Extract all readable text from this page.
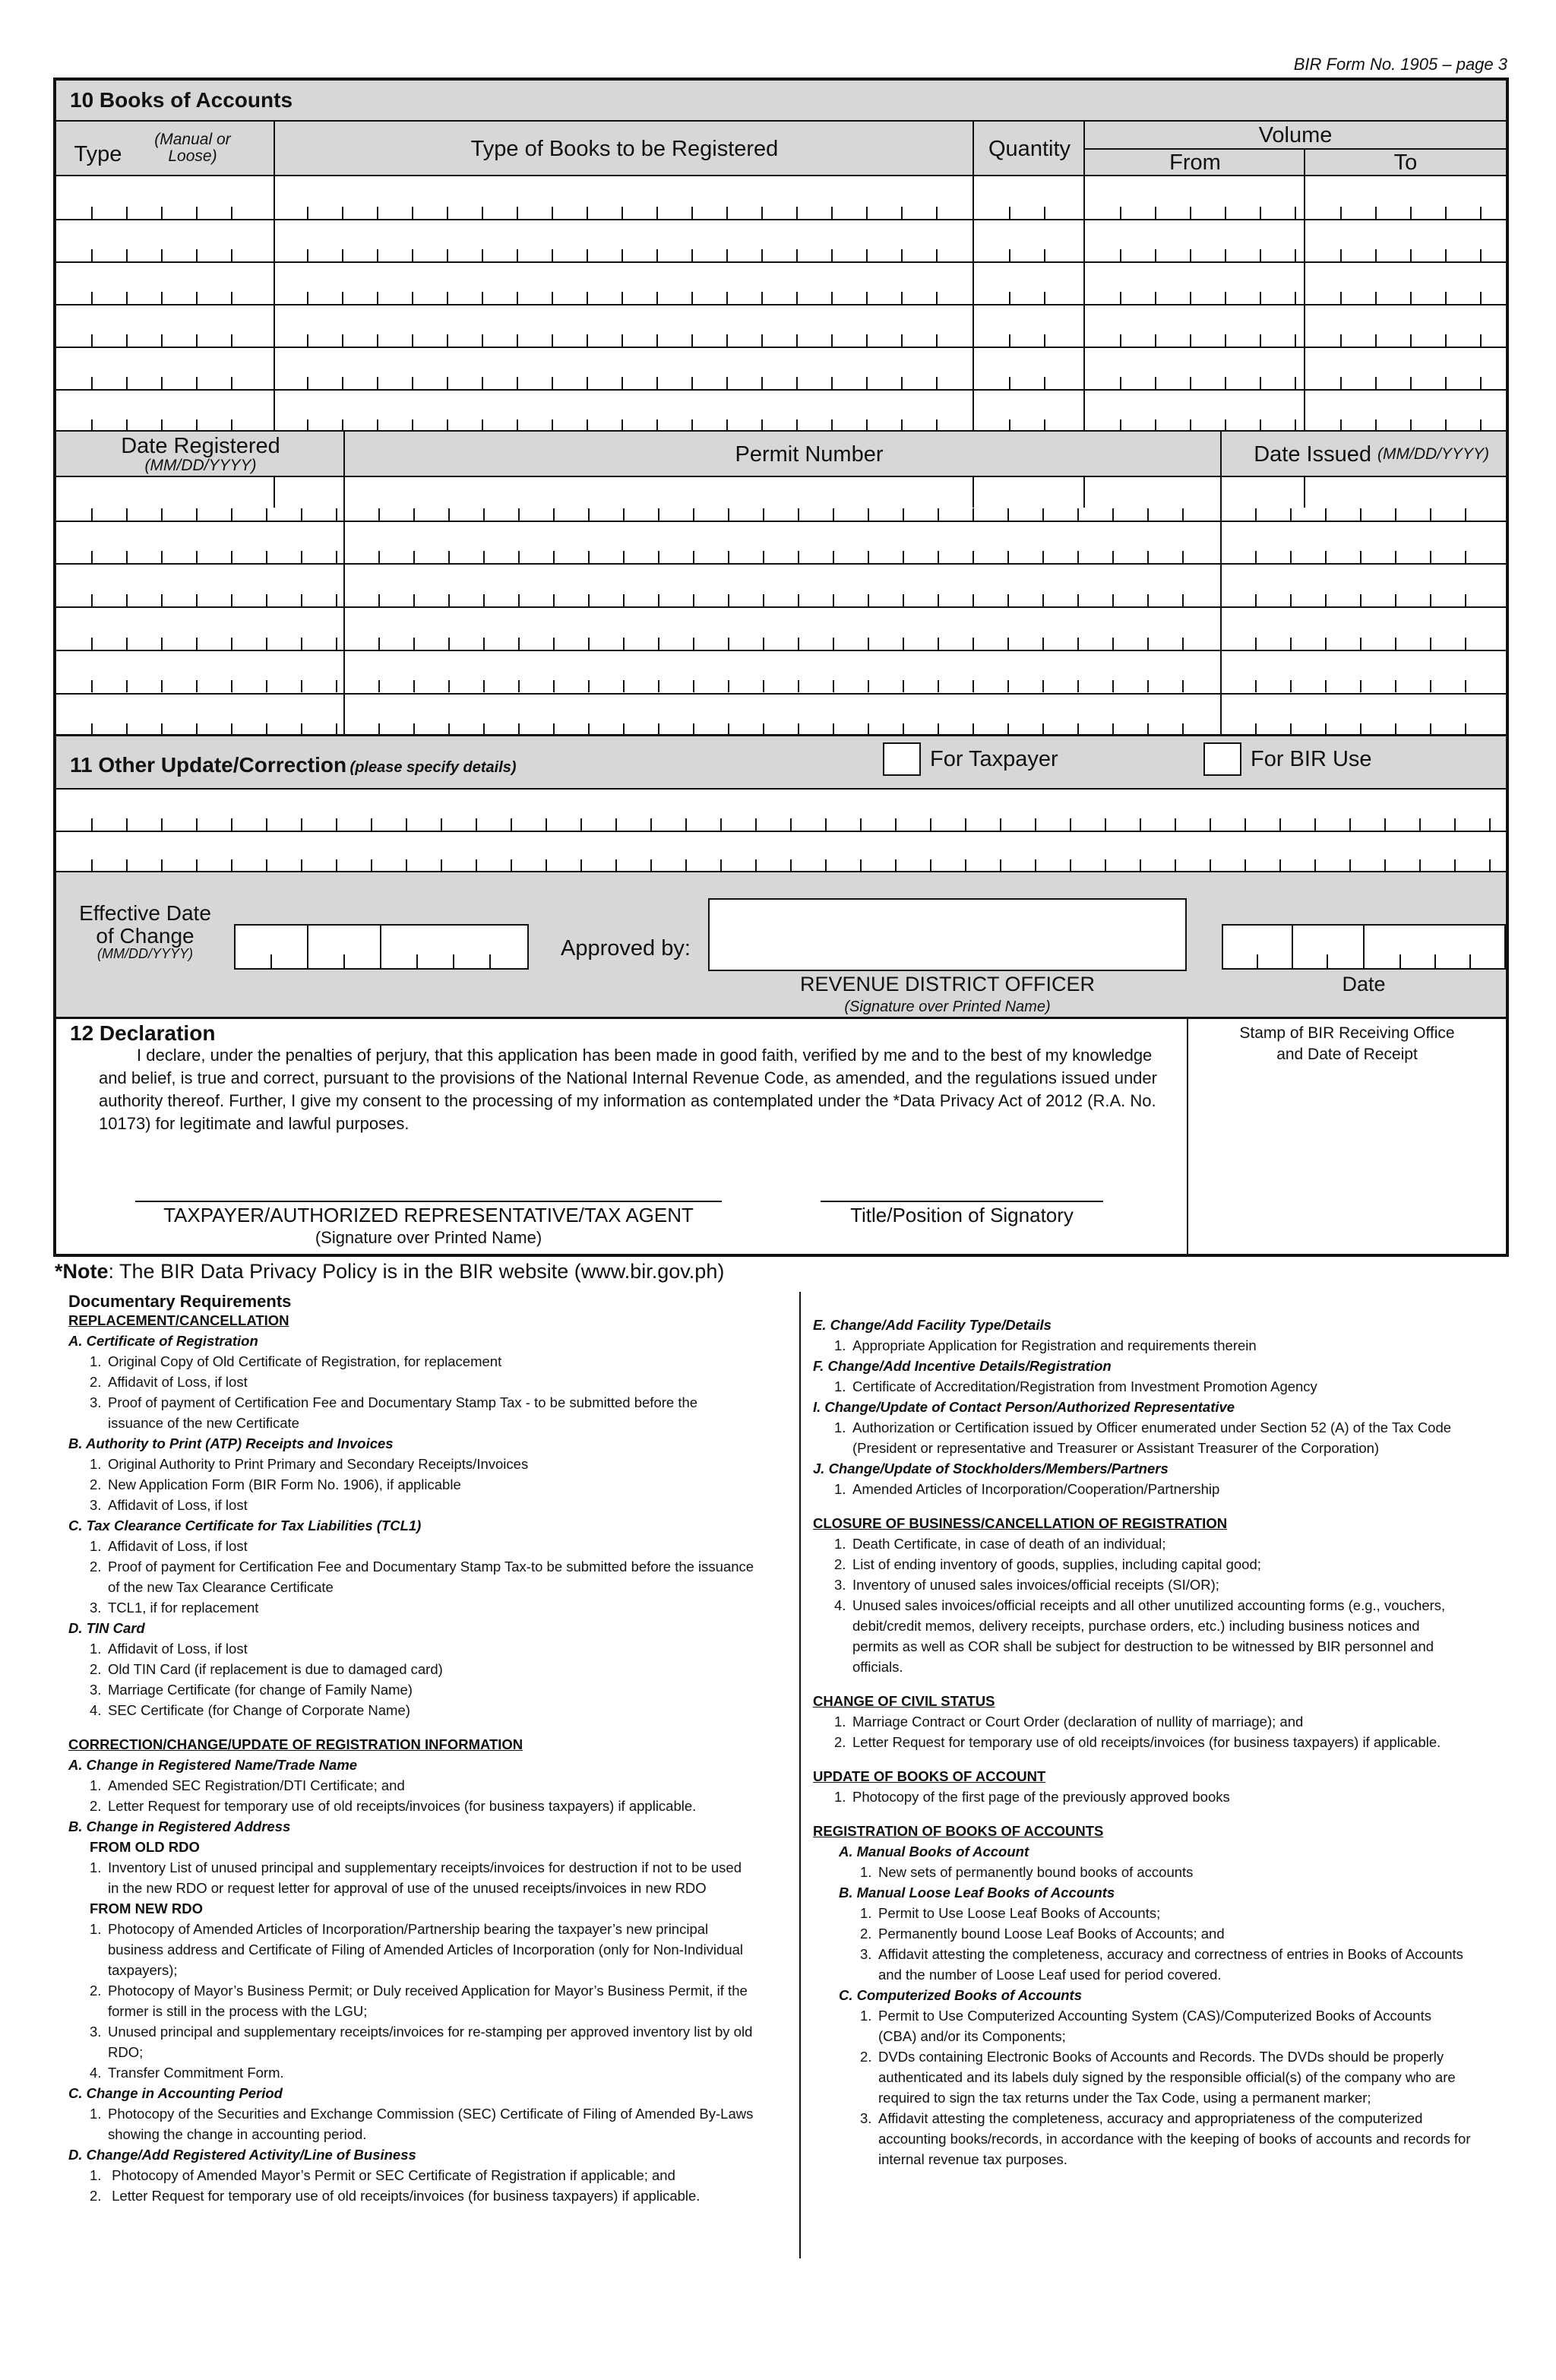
BIR Form No. 1905 – page 3
10 Books of Accounts
Type (Manual or Loose)	Type of Books to be Registered	Quantity
Volume
From	To
Date Registered
(MM/DD/YYYY)	Permit Number	Date Issued (MM/DD/YYYY)
11 Other Update/Correction (please specify details)	For Taxpayer	For BIR Use
Effective Date
of Change
(MM/DD/YYYY)	Approved by:
REVENUE DISTRICT OFFICER
(Signature over Printed Name)
Date
12 Declaration
I declare, under the penalties of perjury, that this application has been made in good faith, verified by me and to the best of my knowledge and belief, is true and correct, pursuant to the provisions of the National Internal Revenue Code, as amended, and the regulations issued under authority thereof. Further, I give my consent to the processing of my information as contemplated under the *Data Privacy Act of 2012 (R.A. No. 10173) for legitimate and lawful purposes.
TAXPAYER/AUTHORIZED REPRESENTATIVE/TAX AGENT
(Signature over Printed Name)
Title/Position of Signatory
Stamp of BIR Receiving Office
and Date of Receipt
*Note: The BIR Data Privacy Policy is in the BIR website (www.bir.gov.ph)
Documentary Requirements
REPLACEMENT/CANCELLATION
A. Certificate of Registration
1. Original Copy of Old Certificate of Registration, for replacement
2. Affidavit of Loss, if lost
3. Proof of payment of Certification Fee and Documentary Stamp Tax - to be submitted before the
issuance of the new Certificate
B. Authority to Print (ATP) Receipts and Invoices
1. Original Authority to Print Primary and Secondary Receipts/Invoices
2. New Application Form (BIR Form No. 1906), if applicable
3. Affidavit of Loss, if lost
C. Tax Clearance Certificate for Tax Liabilities (TCL1)
1. Affidavit of Loss, if lost
2. Proof of payment for Certification Fee and Documentary Stamp Tax-to be submitted before the issuance
of the new Tax Clearance Certificate
3. TCL1, if for replacement
D. TIN Card
1. Affidavit of Loss, if lost
2. Old TIN Card (if replacement is due to damaged card)
3. Marriage Certificate (for change of Family Name)
4. SEC Certificate (for Change of Corporate Name)
CORRECTION/CHANGE/UPDATE OF REGISTRATION INFORMATION
A. Change in Registered Name/Trade Name
1. Amended SEC Registration/DTI Certificate; and
2. Letter Request for temporary use of old receipts/invoices (for business taxpayers) if applicable.
B. Change in Registered Address
FROM OLD RDO
1. Inventory List of unused principal and supplementary receipts/invoices for destruction if not to be used
in the new RDO or request letter for approval of use of the unused receipts/invoices in new RDO
FROM NEW RDO
1. Photocopy of Amended Articles of Incorporation/Partnership bearing the taxpayer’s new principal
business address and Certificate of Filing of Amended Articles of Incorporation (only for Non-Individual
taxpayers);
2. Photocopy of Mayor’s Business Permit; or Duly received Application for Mayor’s Business Permit, if the
former is still in the process with the LGU;
3. Unused principal and supplementary receipts/invoices for re-stamping per approved inventory list by old
RDO;
4. Transfer Commitment Form.
C. Change in Accounting Period
1. Photocopy of the Securities and Exchange Commission (SEC) Certificate of Filing of Amended By-Laws
showing the change in accounting period.
D. Change/Add Registered Activity/Line of Business
1. Photocopy of Amended Mayor’s Permit or SEC Certificate of Registration if applicable; and
2. Letter Request for temporary use of old receipts/invoices (for business taxpayers) if applicable.
E. Change/Add Facility Type/Details
1. Appropriate Application for Registration and requirements therein
F. Change/Add Incentive Details/Registration
1. Certificate of Accreditation/Registration from Investment Promotion Agency
I. Change/Update of Contact Person/Authorized Representative
1. Authorization or Certification issued by Officer enumerated under Section 52 (A) of the Tax Code
(President or representative and Treasurer or Assistant Treasurer of the Corporation)
J. Change/Update of Stockholders/Members/Partners
1. Amended Articles of Incorporation/Cooperation/Partnership
CLOSURE OF BUSINESS/CANCELLATION OF REGISTRATION
1. Death Certificate, in case of death of an individual;
2. List of ending inventory of goods, supplies, including capital good;
3. Inventory of unused sales invoices/official receipts (SI/OR);
4. Unused sales invoices/official receipts and all other unutilized accounting forms (e.g., vouchers,
debit/credit memos, delivery receipts, purchase orders, etc.) including business notices and
permits as well as COR shall be subject for destruction to be witnessed by BIR personnel and
officials.
CHANGE OF CIVIL STATUS
1. Marriage Contract or Court Order (declaration of nullity of marriage); and
2. Letter Request for temporary use of old receipts/invoices (for business taxpayers) if applicable.
UPDATE OF BOOKS OF ACCOUNT
1. Photocopy of the first page of the previously approved books
REGISTRATION OF BOOKS OF ACCOUNTS
A. Manual Books of Account
1. New sets of permanently bound books of accounts
B. Manual Loose Leaf Books of Accounts
1. Permit to Use Loose Leaf Books of Accounts;
2. Permanently bound Loose Leaf Books of Accounts; and
3. Affidavit attesting the completeness, accuracy and correctness of entries in Books of Accounts
and the number of Loose Leaf used for period covered.
C. Computerized Books of Accounts
1. Permit to Use Computerized Accounting System (CAS)/Computerized Books of Accounts
(CBA) and/or its Components;
2. DVDs containing Electronic Books of Accounts and Records. The DVDs should be properly
authenticated and its labels duly signed by the responsible official(s) of the company who are
required to sign the tax returns under the Tax Code, using a permanent marker;
3. Affidavit attesting the completeness, accuracy and appropriateness of the computerized
accounting books/records, in accordance with the keeping of books of accounts and records for
internal revenue tax purposes.
